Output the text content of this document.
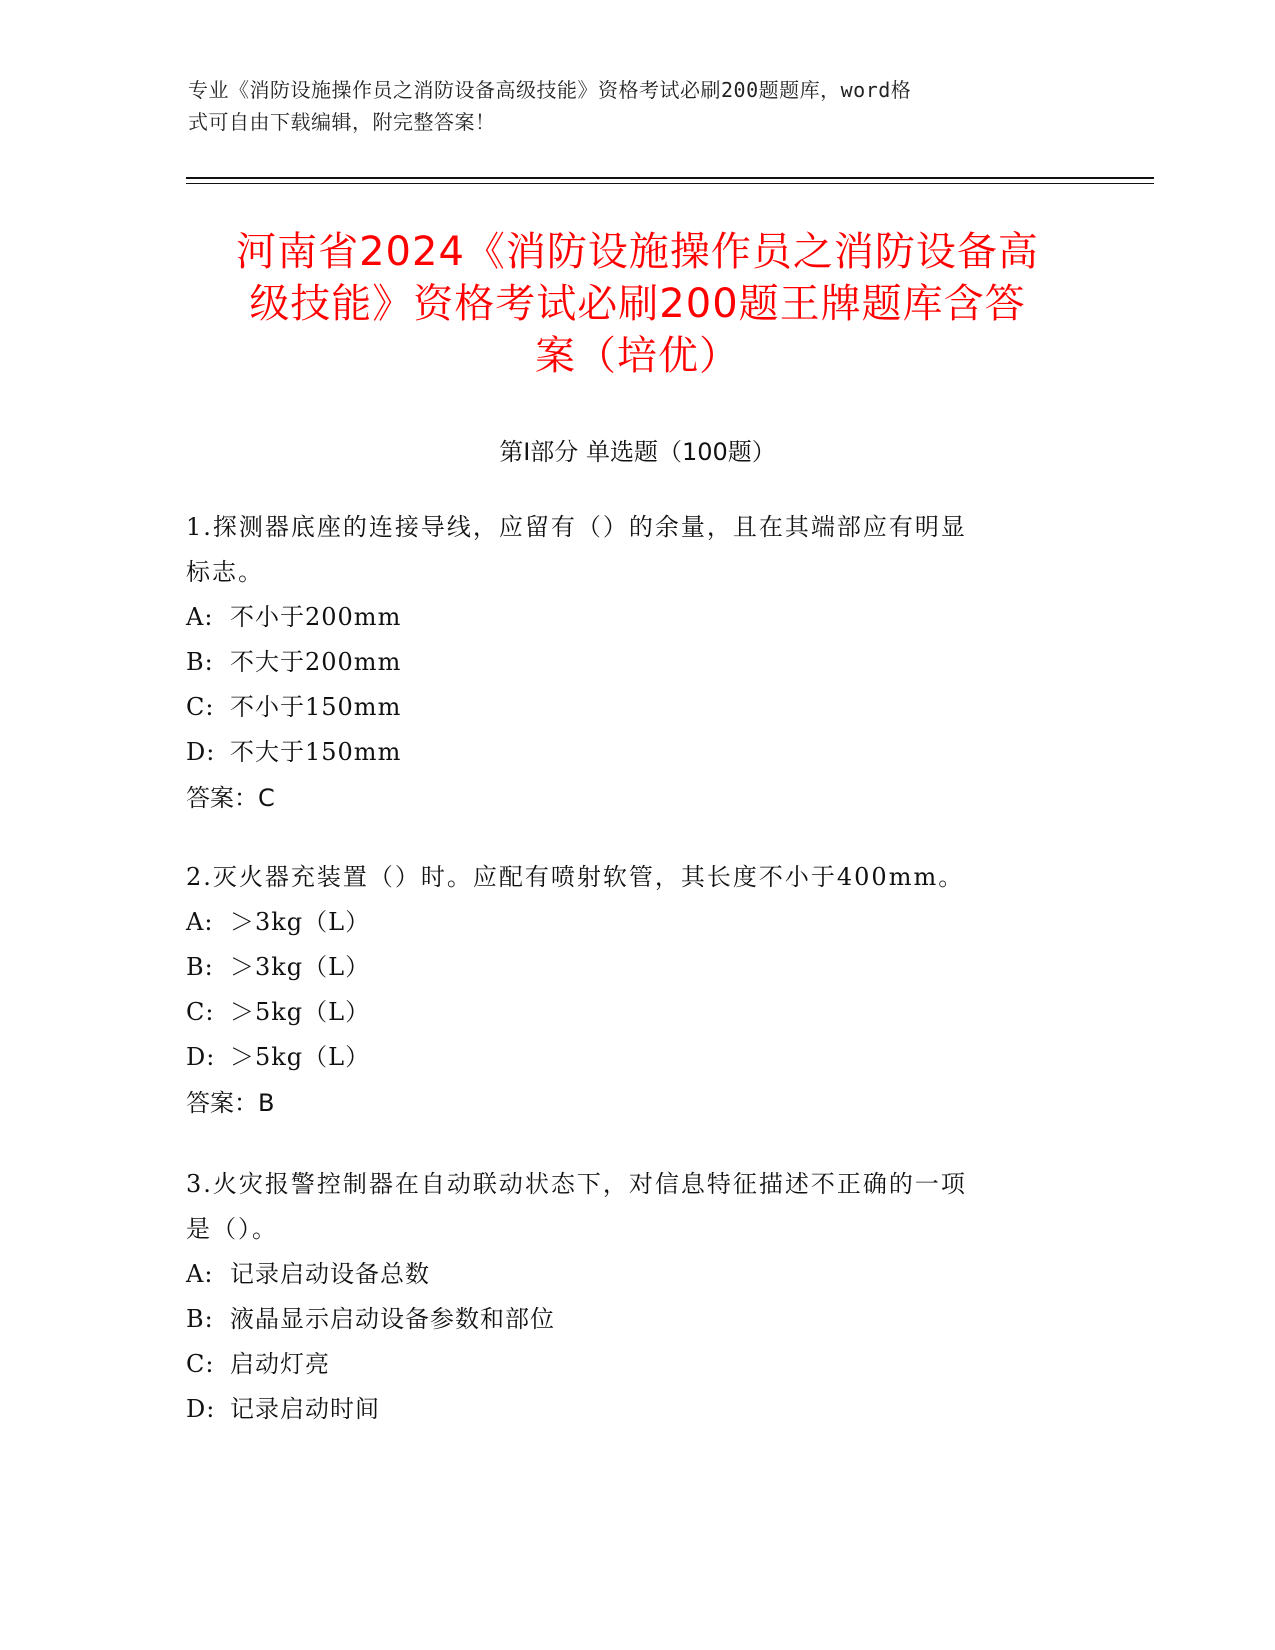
专业《消防设施操作员之消防设备高级技能》资格考试必刷200题题库，word格
式可自由下载编辑，附完整答案！
河南省2024《消防设施操作员之消防设备高
级技能》资格考试必刷200题王牌题库含答
案（培优）
第Ⅰ部分 单选题（100题）
1.探测器底座的连接导线，应留有（）的余量，且在其端部应有明显
标志。
A: 不小于200mm
B: 不大于200mm
C: 不小于150mm
D: 不大于150mm
答案：C
2.灭火器充装置（）时。应配有喷射软管，其长度不小于400mm。
A: ＞3kg（L）
B: ＞3kg（L）
C: ＞5kg（L）
D: ＞5kg（L）
答案：B
3.火灾报警控制器在自动联动状态下，对信息特征描述不正确的一项
是（）。
A: 记录启动设备总数
B: 液晶显示启动设备参数和部位
C: 启动灯亮
D: 记录启动时间
